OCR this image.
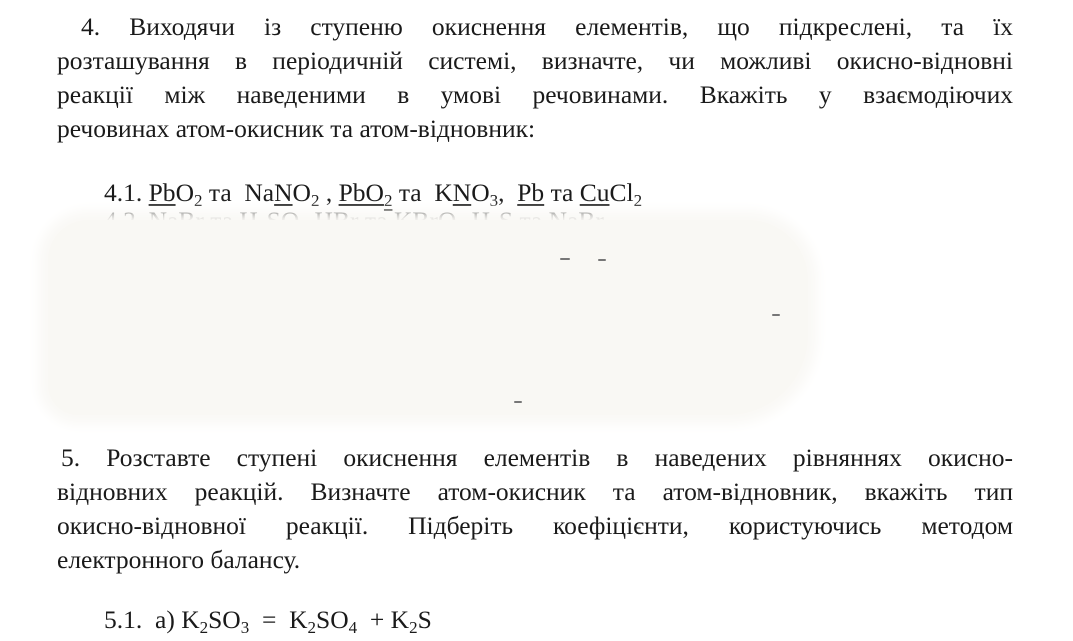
4. Виходячи із ступеню окиснення елементів, що підкреслені, та їх
розташування в періодичній системі, визначте, чи можливі окисно-відновні
реакції між наведеними в умові речовинами. Вкажіть у взаємодіючих
речовинах атом-окисник та атом-відновник:
4.1. PbO$_2$ та NaNO$_2$ , PbO$_2$ та $KNO_3$, Pb та CuCl$_2$
5. Розставте ступені окиснення елементів в наведених рівняннях окисно-
відновних реакцій. Визначте атом-окисник та атом-відновник, вкажіть тип
окисно-відновної реакції. Підберіть коефіцієнти, користуючись методом
електронного балансу.
5.1. а) $K_2SO_3 = K_2SO_4 + K_2S$
